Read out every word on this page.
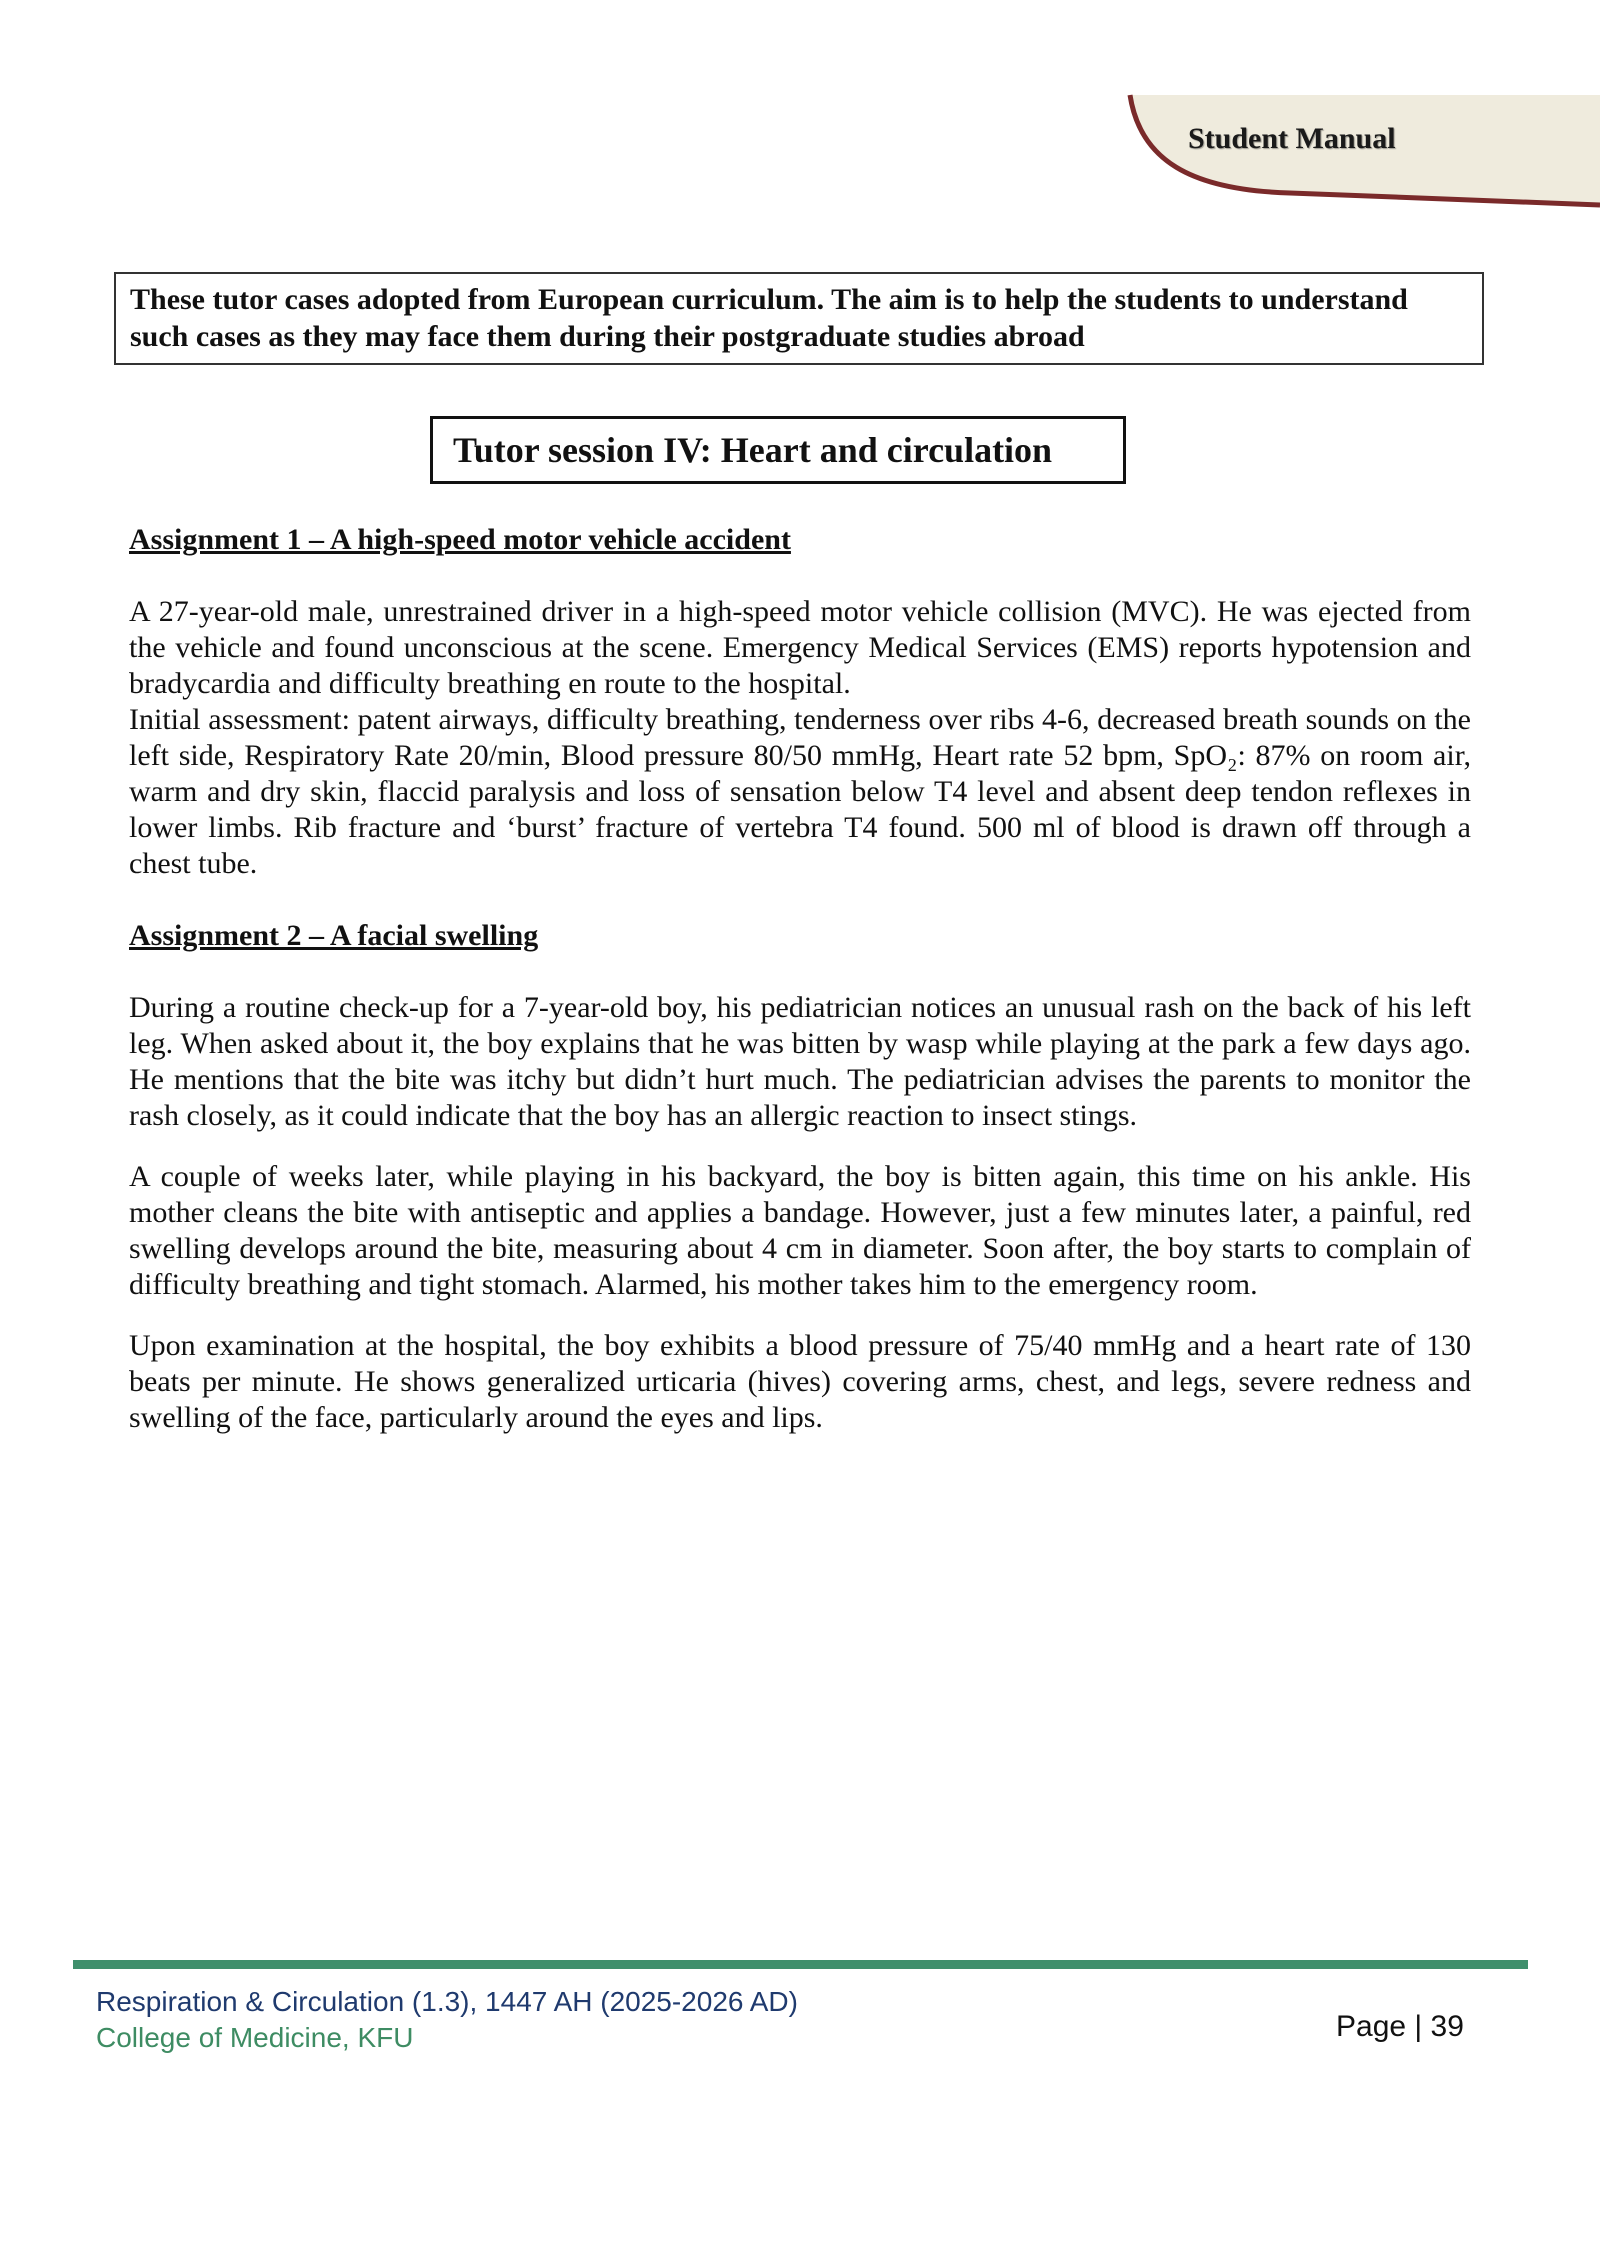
Student Manual
These tutor cases adopted from European curriculum. The aim is to help the students to understand such cases as they may face them during their postgraduate studies abroad
Tutor session IV: Heart and circulation

Assignment 1 – A high-speed motor vehicle accident

A 27-year-old male, unrestrained driver in a high-speed motor vehicle collision (MVC). He was ejected from the vehicle and found unconscious at the scene. Emergency Medical Services (EMS) reports hypotension and bradycardia and difficulty breathing en route to the hospital.

Initial assessment: patent airways, difficulty breathing, tenderness over ribs 4-6, decreased breath sounds on the left side, Respiratory Rate 20/min, Blood pressure 80/50 mmHg, Heart rate 52 bpm, SpO₂: 87% on room air, warm and dry skin, flaccid paralysis and loss of sensation below T4 level and absent deep tendon reflexes in lower limbs. Rib fracture and ‘burst’ fracture of vertebra T4 found. 500 ml of blood is drawn off through a chest tube.

Assignment 2 – A facial swelling

During a routine check-up for a 7-year-old boy, his pediatrician notices an unusual rash on the back of his left leg. When asked about it, the boy explains that he was bitten by wasp while playing at the park a few days ago. He mentions that the bite was itchy but didn’t hurt much. The pediatrician advises the parents to monitor the rash closely, as it could indicate that the boy has an allergic reaction to insect stings.

A couple of weeks later, while playing in his backyard, the boy is bitten again, this time on his ankle. His mother cleans the bite with antiseptic and applies a bandage. However, just a few minutes later, a painful, red swelling develops around the bite, measuring about 4 cm in diameter. Soon after, the boy starts to complain of difficulty breathing and tight stomach. Alarmed, his mother takes him to the emergency room.

Upon examination at the hospital, the boy exhibits a blood pressure of 75/40 mmHg and a heart rate of 130 beats per minute. He shows generalized urticaria (hives) covering arms, chest, and legs, severe redness and swelling of the face, particularly around the eyes and lips.

Respiration & Circulation (1.3), 1447 AH (2025-2026 AD)
College of Medicine, KFU	Page | 39
